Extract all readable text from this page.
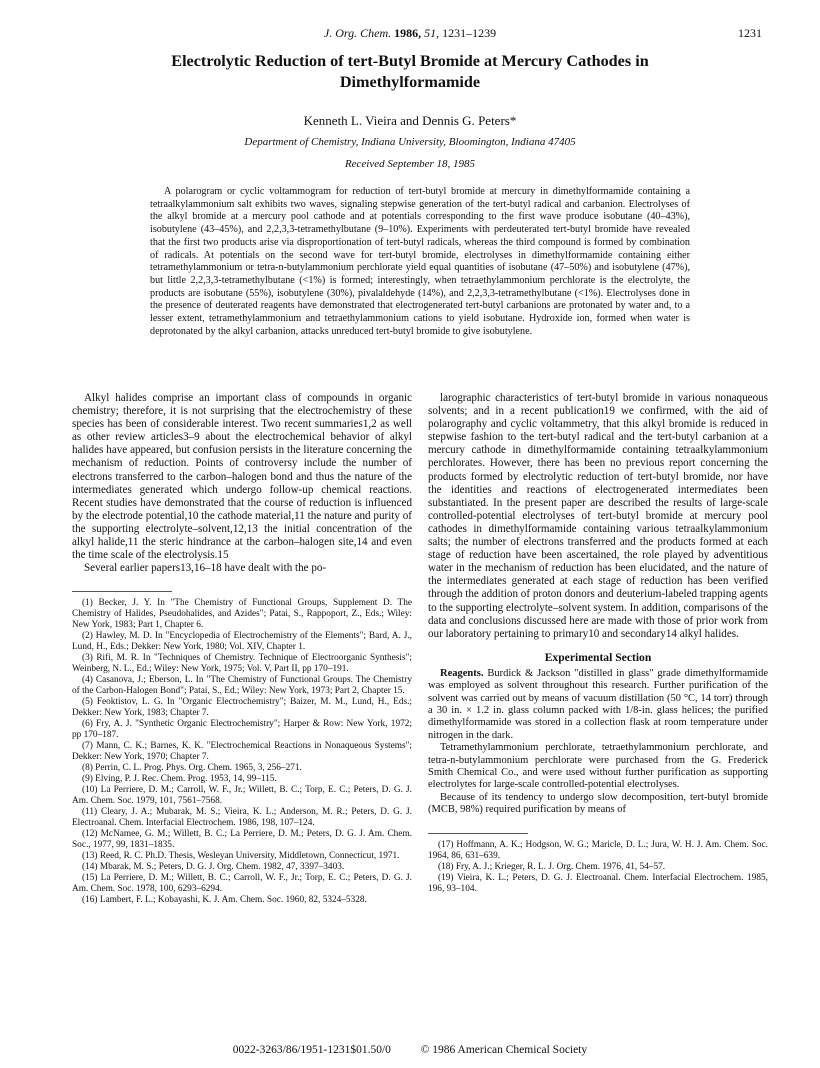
J. Org. Chem. 1986, 51, 1231–1239	1231
Electrolytic Reduction of tert-Butyl Bromide at Mercury Cathodes in Dimethylformamide
Kenneth L. Vieira and Dennis G. Peters*
Department of Chemistry, Indiana University, Bloomington, Indiana 47405
Received September 18, 1985

A polarogram or cyclic voltammogram for reduction of tert-butyl bromide at mercury in dimethylformamide containing a tetraalkylammonium salt exhibits two waves, signaling stepwise generation of the tert-butyl radical and carbanion. Electrolyses of the alkyl bromide at a mercury pool cathode and at potentials corresponding to the first wave produce isobutane (40–43%), isobutylene (43–45%), and 2,2,3,3-tetramethylbutane (9–10%). Experiments with perdeuterated tert-butyl bromide have revealed that the first two products arise via disproportionation of tert-butyl radicals, whereas the third compound is formed by combination of radicals. At potentials on the second wave for tert-butyl bromide, electrolyses in dimethylformamide containing either tetramethylammonium or tetra-n-butylammonium perchlorate yield equal quantities of isobutane (47–50%) and isobutylene (47%), but little 2,2,3,3-tetramethylbutane (<1%) is formed; interestingly, when tetraethylammonium perchlorate is the electrolyte, the products are isobutane (55%), isobutylene (30%), pivalaldehyde (14%), and 2,2,3,3-tetramethylbutane (<1%). Electrolyses done in the presence of deuterated reagents have demonstrated that electrogenerated tert-butyl carbanions are protonated by water and, to a lesser extent, tetramethylammonium and tetraethylammonium cations to yield isobutane. Hydroxide ion, formed when water is deprotonated by the alkyl carbanion, attacks unreduced tert-butyl bromide to give isobutylene.

Alkyl halides comprise an important class of compounds in organic chemistry; therefore, it is not surprising that the electrochemistry of these species has been of considerable interest. Two recent summaries1,2 as well as other review articles3–9 about the electrochemical behavior of alkyl halides have appeared, but confusion persists in the literature concerning the mechanism of reduction. Points of controversy include the number of electrons transferred to the carbon–halogen bond and thus the nature of the intermediates generated which undergo follow-up chemical reactions. Recent studies have demonstrated that the course of reduction is influenced by the electrode potential,10 the cathode material,11 the nature and purity of the supporting electrolyte–solvent,12,13 the initial concentration of the alkyl halide,11 the steric hindrance at the carbon–halogen site,14 and even the time scale of the electrolysis.15

Several earlier papers13,16–18 have dealt with the po-

(1) Becker, J. Y. In "The Chemistry of Functional Groups, Supplement D. The Chemistry of Halides, Pseudohalides, and Azides"; Patai, S., Rappoport, Z., Eds.; Wiley: New York, 1983; Part 1, Chapter 6.
(2) Hawley, M. D. In "Encyclopedia of Electrochemistry of the Elements"; Bard, A. J., Lund, H., Eds.; Dekker: New York, 1980; Vol. XIV, Chapter 1.
(3) Rifi, M. R. In "Techniques of Chemistry. Technique of Electroorganic Synthesis"; Weinberg, N. L., Ed.; Wiley: New York, 1975; Vol. V, Part II, pp 170–191.
(4) Casanova, J.; Eberson, L. In "The Chemistry of Functional Groups. The Chemistry of the Carbon-Halogen Bond"; Patai, S., Ed.; Wiley: New York, 1973; Part 2, Chapter 15.
(5) Feoktistov, L. G. In "Organic Electrochemistry"; Baizer, M. M., Lund, H., Eds.; Dekker: New York, 1983; Chapter 7.
(6) Fry, A. J. "Synthetic Organic Electrochemistry"; Harper & Row: New York, 1972; pp 170–187.
(7) Mann, C. K.; Barnes, K. K. "Electrochemical Reactions in Nonaqueous Systems"; Dekker: New York, 1970; Chapter 7.
(8) Perrin, C. L. Prog. Phys. Org. Chem. 1965, 3, 256–271.
(9) Elving, P. J. Rec. Chem. Prog. 1953, 14, 99–115.
(10) La Perriere, D. M.; Carroll, W. F., Jr.; Willett, B. C.; Torp, E. C.; Peters, D. G. J. Am. Chem. Soc. 1979, 101, 7561–7568.
(11) Cleary, J. A.; Mubarak, M. S.; Vieira, K. L.; Anderson, M. R.; Peters, D. G. J. Electroanal. Chem. Interfacial Electrochem. 1986, 198, 107–124.
(12) McNamee, G. M.; Willett, B. C.; La Perriere, D. M.; Peters, D. G. J. Am. Chem. Soc., 1977, 99, 1831–1835.
(13) Reed, R. C. Ph.D. Thesis, Wesleyan University, Middletown, Connecticut, 1971.
(14) Mbarak, M. S.; Peters, D. G. J. Org. Chem. 1982, 47, 3397–3403.
(15) La Perriere, D. M.; Willett, B. C.; Carroll, W. F., Jr.; Torp, E. C.; Peters, D. G. J. Am. Chem. Soc. 1978, 100, 6293–6294.
(16) Lambert, F. L.; Kobayashi, K. J. Am. Chem. Soc. 1960, 82, 5324–5328.

larographic characteristics of tert-butyl bromide in various nonaqueous solvents; and in a recent publication19 we confirmed, with the aid of polarography and cyclic voltammetry, that this alkyl bromide is reduced in stepwise fashion to the tert-butyl radical and the tert-butyl carbanion at a mercury cathode in dimethylformamide containing tetraalkylammonium perchlorates. However, there has been no previous report concerning the products formed by electrolytic reduction of tert-butyl bromide, nor have the identities and reactions of electrogenerated intermediates been substantiated. In the present paper are described the results of large-scale controlled-potential electrolyses of tert-butyl bromide at mercury pool cathodes in dimethylformamide containing various tetraalkylammonium salts; the number of electrons transferred and the products formed at each stage of reduction have been ascertained, the role played by adventitious water in the mechanism of reduction has been elucidated, and the nature of the intermediates generated at each stage of reduction has been verified through the addition of proton donors and deuterium-labeled trapping agents to the supporting electrolyte–solvent system. In addition, comparisons of the data and conclusions discussed here are made with those of prior work from our laboratory pertaining to primary10 and secondary14 alkyl halides.

Experimental Section

Reagents. Burdick & Jackson "distilled in glass" grade dimethylformamide was employed as solvent throughout this research. Further purification of the solvent was carried out by means of vacuum distillation (50 °C, 14 torr) through a 30 in. × 1.2 in. glass column packed with 1/8-in. glass helices; the purified dimethylformamide was stored in a collection flask at room temperature under nitrogen in the dark.

Tetramethylammonium perchlorate, tetraethylammonium perchlorate, and tetra-n-butylammonium perchlorate were purchased from the G. Frederick Smith Chemical Co., and were used without further purification as supporting electrolytes for large-scale controlled-potential electrolyses.

Because of its tendency to undergo slow decomposition, tert-butyl bromide (MCB, 98%) required purification by means of

(17) Hoffmann, A. K.; Hodgson, W. G.; Maricle, D. L.; Jura, W. H. J. Am. Chem. Soc. 1964, 86, 631–639.
(18) Fry, A. J.; Krieger, R. L. J. Org. Chem. 1976, 41, 54–57.
(19) Vieira, K. L.; Peters, D. G. J. Electroanal. Chem. Interfacial Electrochem. 1985, 196, 93–104.
0022-3263/86/1951-1231$01.50/0	© 1986 American Chemical Society
